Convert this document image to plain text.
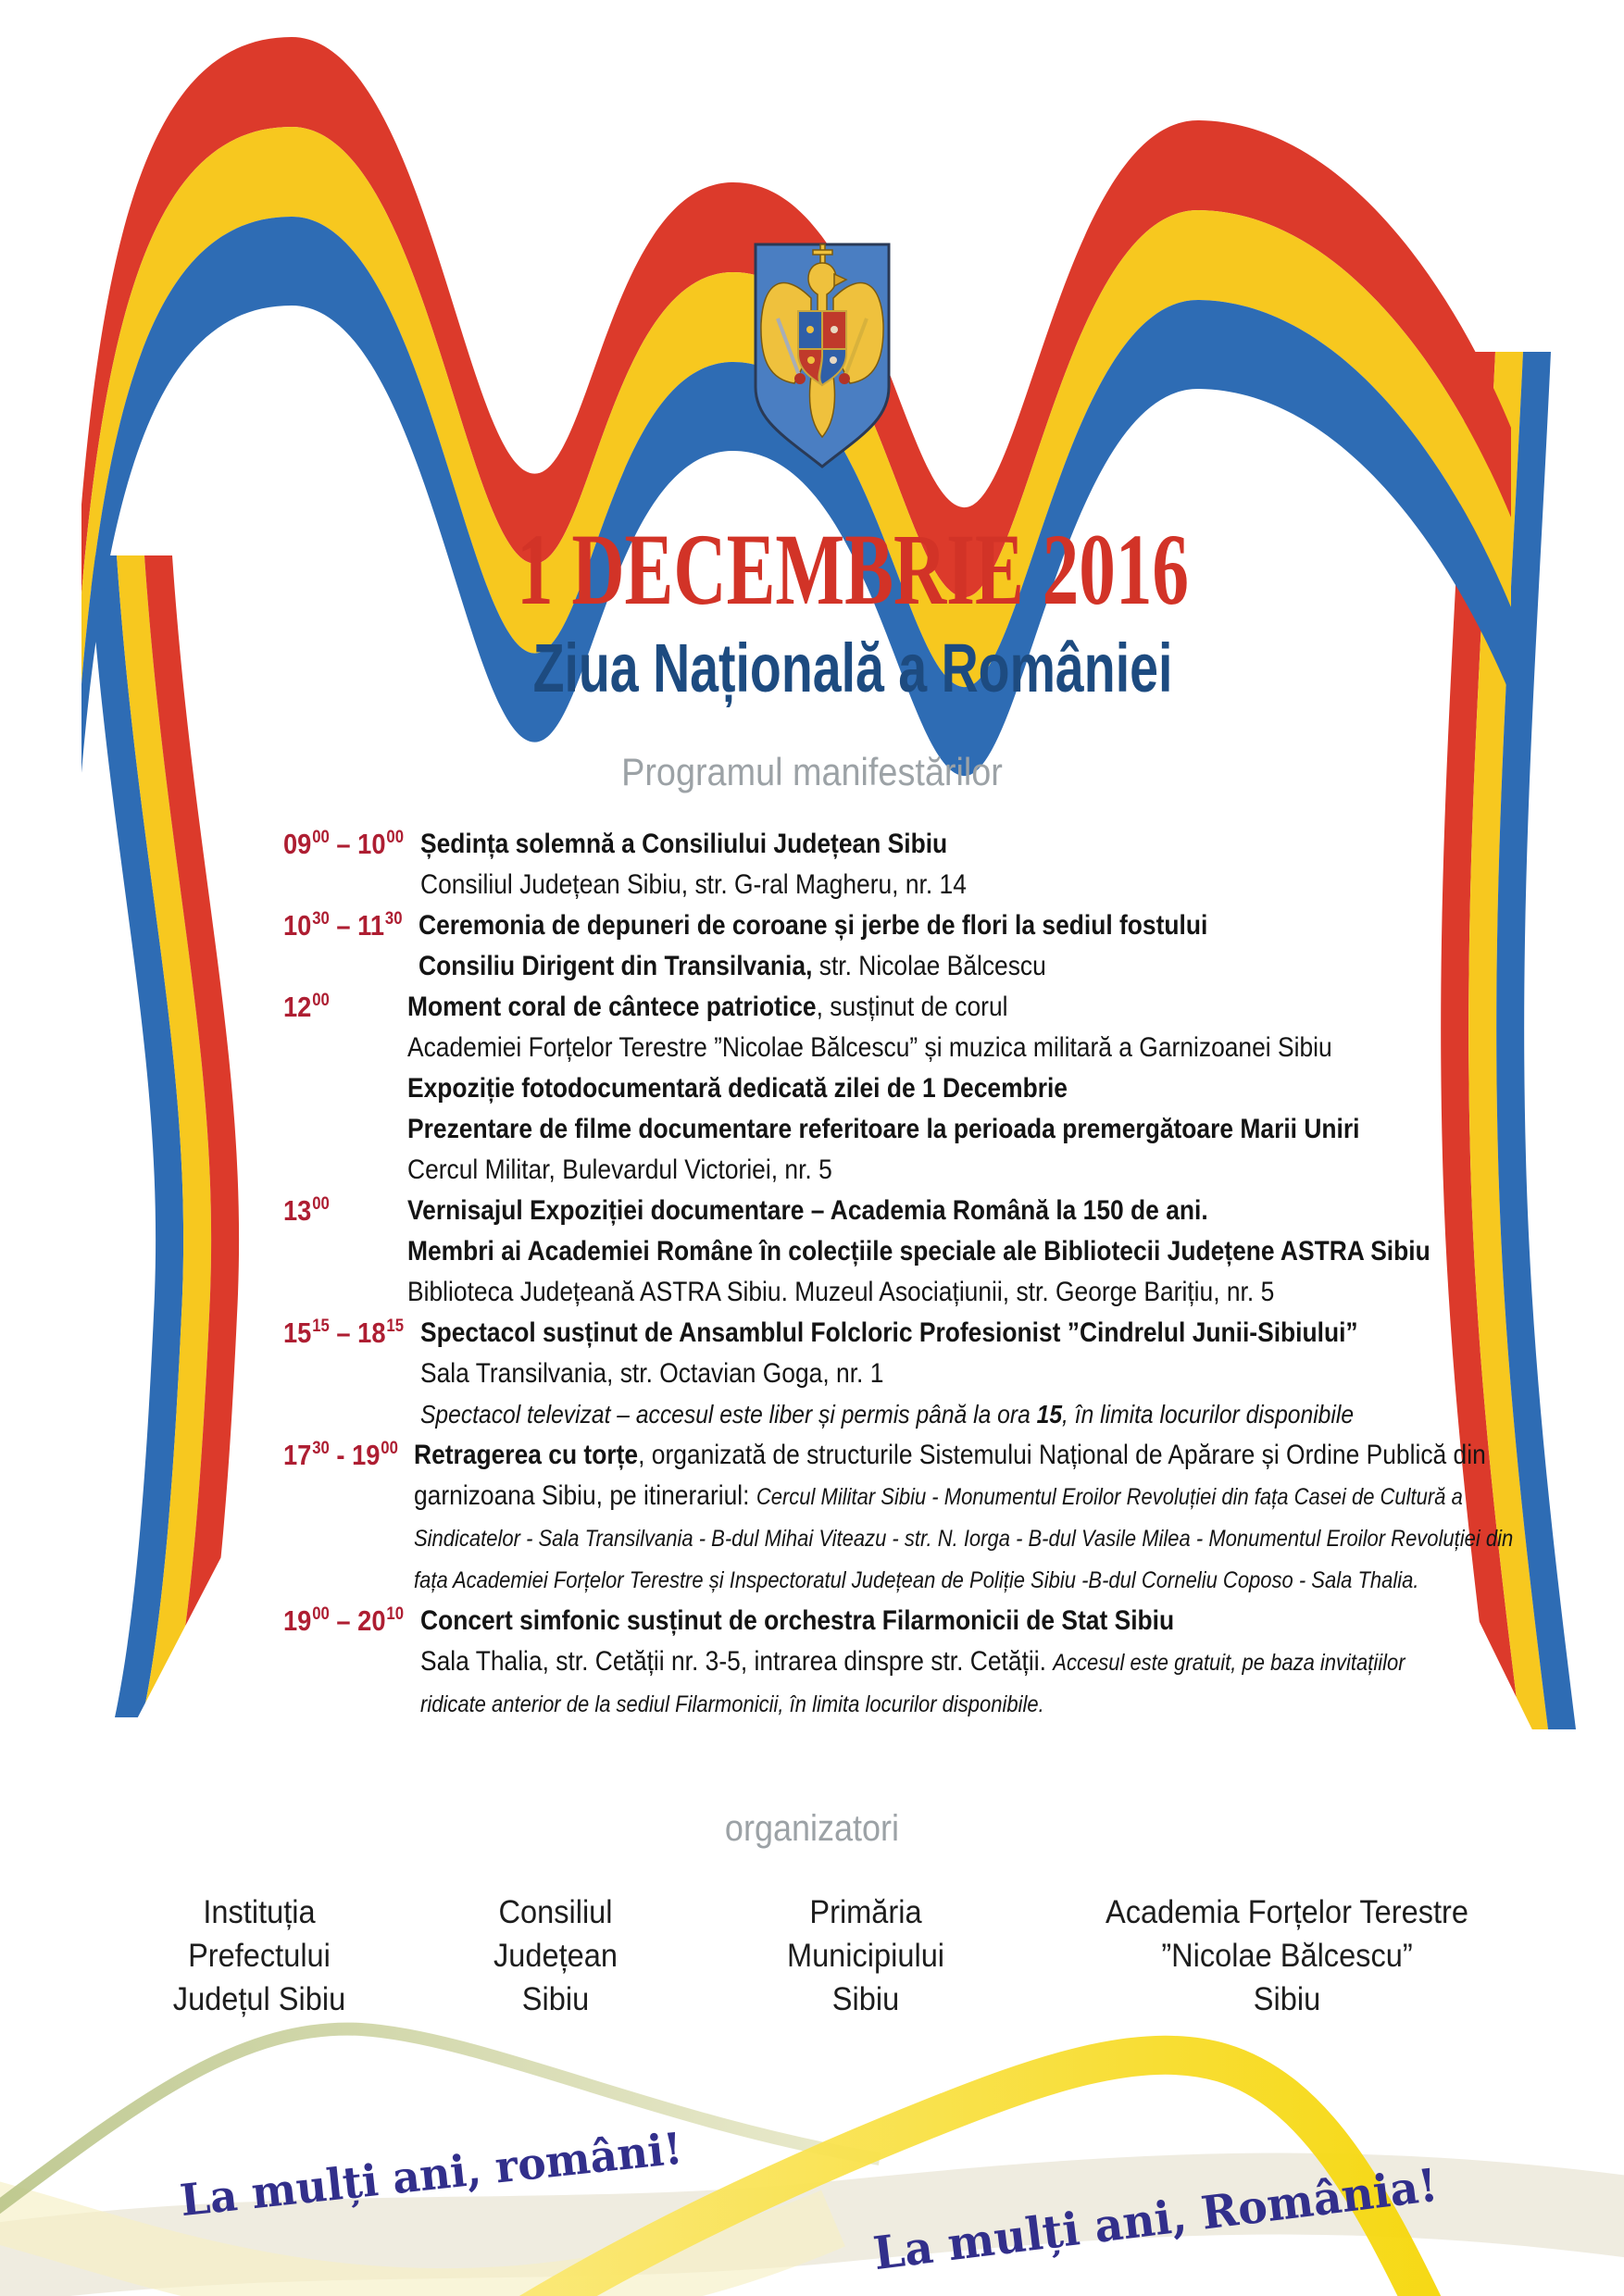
1 DECEMBRIE 2016
Ziua Națională a României
Programul manifestărilor
$09^{00} - 10^{00}$ Ședința solemnă a Consiliului Județean Sibiu
Consiliul Județean Sibiu, str. G-ral Magheru, nr. 14
$10^{30} - 11^{30}$ Ceremonia de depuneri de coroane și jerbe de flori la sediul fostului
Consiliu Dirigent din Transilvania, str. Nicolae Bălcescu
$12^{00}$	Moment coral de cântece patriotice, susținut de corul
Academiei Forțelor Terestre ”Nicolae Bălcescu” și muzica militară a Garnizoanei Sibiu
Expoziție fotodocumentară dedicată zilei de 1 Decembrie
Prezentare de filme documentare referitoare la perioada premergătoare Marii Uniri
Cercul Militar, Bulevardul Victoriei, nr. 5
$13^{00}$	Vernisajul Expoziției documentare – Academia Română la 150 de ani.
Membri ai Academiei Române în colecțiile speciale ale Bibliotecii Județene ASTRA Sibiu
Biblioteca Județeană ASTRA Sibiu. Muzeul Asociațiunii, str. George Barițiu, nr. 5
$15^{15} - 18^{15}$ Spectacol susținut de Ansamblul Folcloric Profesionist ”Cindrelul Junii-Sibiului”
Sala Transilvania, str. Octavian Goga, nr. 1
Spectacol televizat – accesul este liber și permis până la ora 15, în limita locurilor disponibile
$17^{30} - 19^{00}$ Retragerea cu torțe, organizată de structurile Sistemului Național de Apărare și Ordine Publică din
garnizoana Sibiu, pe itinerariul: Cercul Militar Sibiu - Monumentul Eroilor Revoluției din fața Casei de Cultură a
Sindicatelor - Sala Transilvania - B-dul Mihai Viteazu - str. N. Iorga - B-dul Vasile Milea - Monumentul Eroilor Revoluției din
fața Academiei Forțelor Terestre și Inspectoratul Județean de Poliție Sibiu -B-dul Corneliu Coposo - Sala Thalia.
$19^{00} - 20^{10}$ Concert simfonic susținut de orchestra Filarmonicii de Stat Sibiu
Sala Thalia, str. Cetății nr. 3-5, intrarea dinspre str. Cetății. Accesul este gratuit, pe baza invitațiilor
ridicate anterior de la sediul Filarmonicii, în limita locurilor disponibile.
organizatori
Instituția
Prefectului
Județul Sibiu
Consiliul
Județean
Sibiu
Primăria
Municipiului
Sibiu
Academia Forțelor Terestre
”Nicolae Bălcescu”
Sibiu
La mulți ani, români!	La mulți ani, România!
